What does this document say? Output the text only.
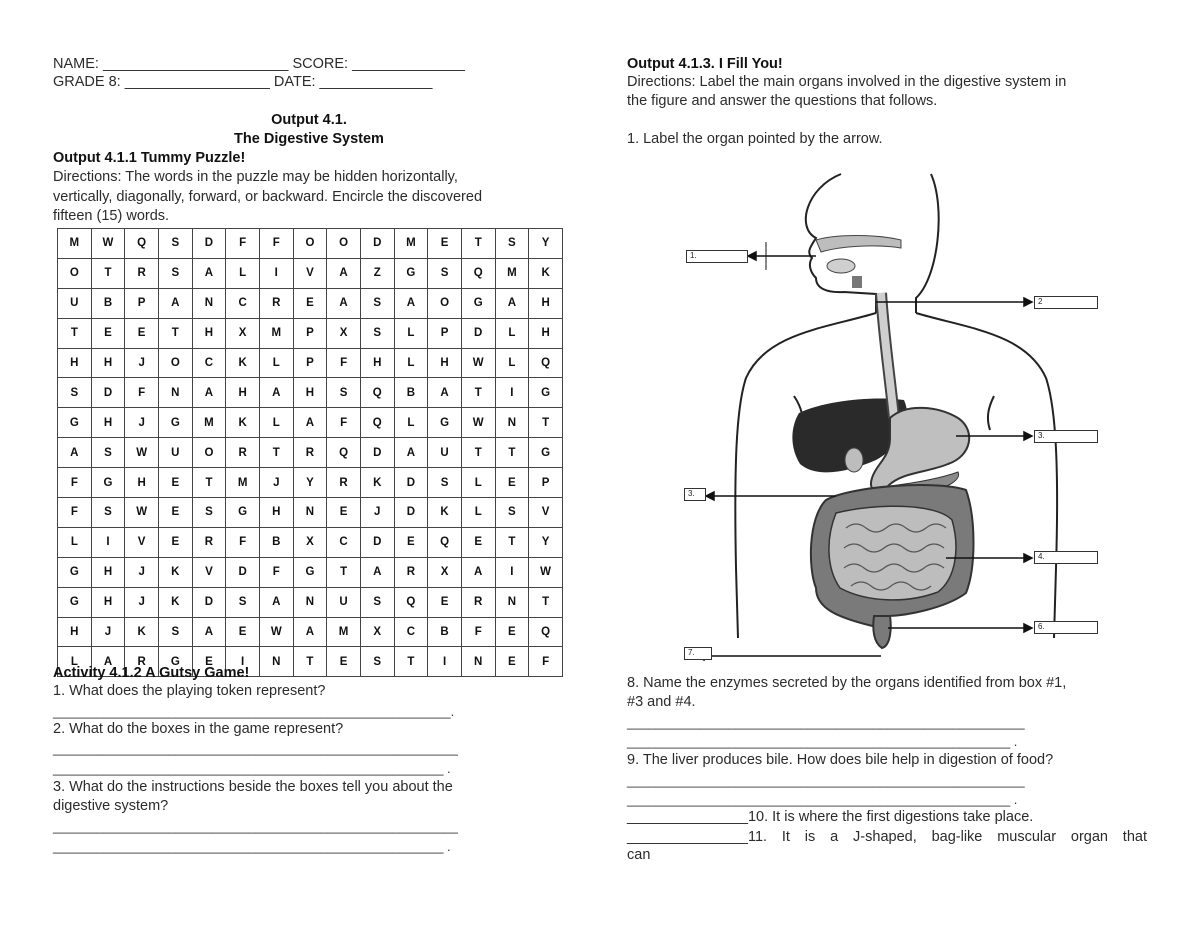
NAME: _______________________ SCORE: ______________
GRADE 8: __________________ DATE: ______________
Output 4.1.
The Digestive System
Output 4.1.1 Tummy Puzzle!
Directions: The words in the puzzle may be hidden horizontally,
vertically, diagonally, forward, or backward. Encircle the discovered
fifteen (15) words.
M	W	Q	S	D	F	F	O	O	D	M	E	T	S	Y
O	T	R	S	A	L	I	V	A	Z	G	S	Q	M	K
U	B	P	A	N	C	R	E	A	S	A	O	G	A	H
T	E	E	T	H	X	M	P	X	S	L	P	D	L	H
H	H	J	O	C	K	L	P	F	H	L	H	W	L	Q
S	D	F	N	A	H	A	H	S	Q	B	A	T	I	G
G	H	J	G	M	K	L	A	F	Q	L	G	W	N	T
A	S	W	U	O	R	T	R	Q	D	A	U	T	T	G
F	G	H	E	T	M	J	Y	R	K	D	S	L	E	P
F	S	W	E	S	G	H	N	E	J	D	K	L	S	V
L	I	V	E	R	F	B	X	C	D	E	Q	E	T	Y
G	H	J	K	V	D	F	G	T	A	R	X	A	I	W
G	H	J	K	D	S	A	N	U	S	Q	E	R	N	T
H	J	K	S	A	E	W	A	M	X	C	B	F	E	Q
L	A	R	G	E	I	N	T	E	S	T	I	N	E	F
Activity 4.1.2 A Gutsy Game!
1. What does the playing token represent?
_______________________________________________________.
2. What do the boxes in the game represent?
________________________________________________________
______________________________________________________ .
3. What do the instructions beside the boxes tell you about the
digestive system?
________________________________________________________
______________________________________________________ .
Output 4.1.3. I Fill You!
Directions: Label the main organs involved in the digestive system in
the figure and answer the questions that follows.
1. Label the organ pointed by the arrow.
1.
2
3.
3.
4.
6.
7.
8. Name the enzymes secreted by the organs identified from box #1,
#3 and #4.
_______________________________________________________
_____________________________________________________ .
9. The liver produces bile. How does bile help in digestion of food?
_______________________________________________________
_____________________________________________________ .
_______________10. It is where the first digestions take place.
_______________11. It is a J-shaped, bag-like muscular organ that
can
